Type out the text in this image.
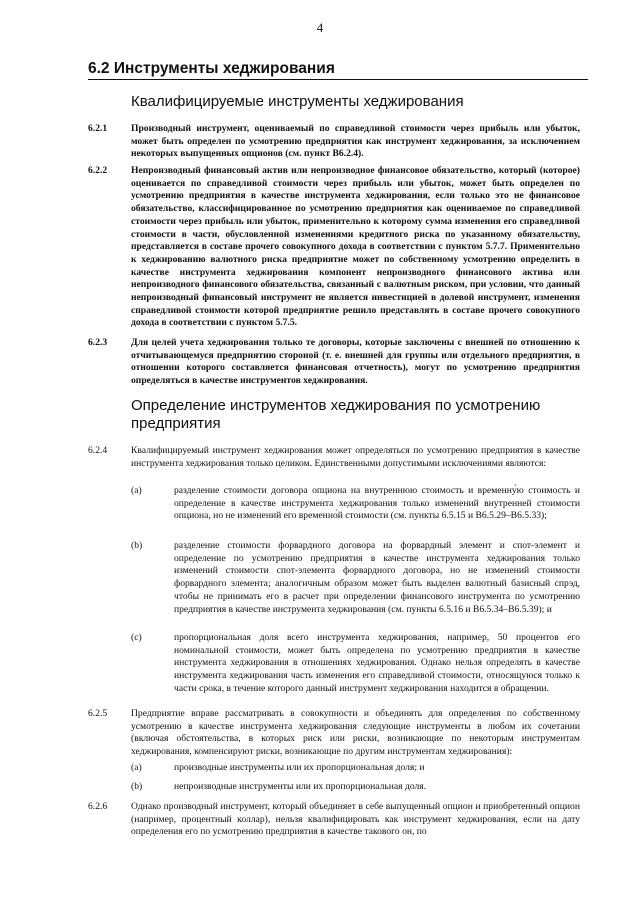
4
6.2 Инструменты хеджирования
Квалифицируемые инструменты хеджирования
6.2.1 Производный инструмент, оцениваемый по справедливой стоимости через прибыль или убыток, может быть определен по усмотрению предприятия как инструмент хеджирования, за исключением некоторых выпущенных опционов (см. пункт B6.2.4).
6.2.2 Непроизводный финансовый актив или непроизводное финансовое обязательство, который (которое) оценивается по справедливой стоимости через прибыль или убыток, может быть определен по усмотрению предприятия в качестве инструмента хеджирования, если только это не финансовое обязательство, классифицированное по усмотрению предприятия как оцениваемое по справедливой стоимости через прибыль или убыток, применительно к которому сумма изменения его справедливой стоимости в части, обусловленной изменениями кредитного риска по указанному обязательству, представляется в составе прочего совокупного дохода в соответствии с пунктом 5.7.7. Применительно к хеджированию валютного риска предприятие может по собственному усмотрению определить в качестве инструмента хеджирования компонент непроизводного финансового актива или непроизводного финансового обязательства, связанный с валютным риском, при условии, что данный непроизводный финансовый инструмент не является инвестицией в долевой инструмент, изменения справедливой стоимости которой предприятие решило представлять в составе прочего совокупного дохода в соответствии с пунктом 5.7.5.
6.2.3 Для целей учета хеджирования только те договоры, которые заключены с внешней по отношению к отчитывающемуся предприятию стороной (т. е. внешней для группы или отдельного предприятия, в отношении которого составляется финансовая отчетность), могут по усмотрению предприятия определяться в качестве инструментов хеджирования.
Определение инструментов хеджирования по усмотрению предприятия
6.2.4 Квалифицируемый инструмент хеджирования может определяться по усмотрению предприятия в качестве инструмента хеджирования только целиком. Единственными допустимыми исключениями являются:
(a)	разделение стоимости договора опциона на внутреннюю стоимость и временну́ю стоимость и определение в качестве инструмента хеджирования только изменений внутренней стоимости опциона, но не изменений его временно́й стоимости (см. пункты 6.5.15 и B6.5.29–B6.5.33);
(b)	разделение стоимости форвардного договора на форвардный элемент и спот-элемент и определение по усмотрению предприятия в качестве инструмента хеджирования только изменений стоимости спот-элемента форвардного договора, но не изменений стоимости форвардного элемента; аналогичным образом может быть выделен валютный базисный спрэд, чтобы не принимать его в расчет при определении финансового инструмента по усмотрению предприятия в качестве инструмента хеджирования (см. пункты 6.5.16 и B6.5.34–B6.5.39); и
(c)	пропорциональная доля всего инструмента хеджирования, например, 50 процентов его номинальной стоимости, может быть определена по усмотрению предприятия в качестве инструмента хеджирования в отношениях хеджирования. Однако нельзя определять в качестве инструмента хеджирования часть изменения его справедливой стоимости, относящуюся только к части срока, в течение которого данный инструмент хеджирования находится в обращении.
6.2.5 Предприятие вправе рассматривать в совокупности и объединять для определения по собственному усмотрению в качестве инструмента хеджирования следующие инструменты в любом их сочетании (включая обстоятельства, в которых риск или риски, возникающие по некоторым инструментам хеджирования, компенсируют риски, возникающие по другим инструментам хеджирования):
(a)	производные инструменты или их пропорциональная доля; и
(b)	непроизводные инструменты или их пропорциональная доля.
6.2.6 Однако производный инструмент, который объединяет в себе выпущенный опцион и приобретенный опцион (например, процентный коллар), нельзя квалифицировать как инструмент хеджирования, если на дату определения его по усмотрению предприятия в качестве такового он, по
